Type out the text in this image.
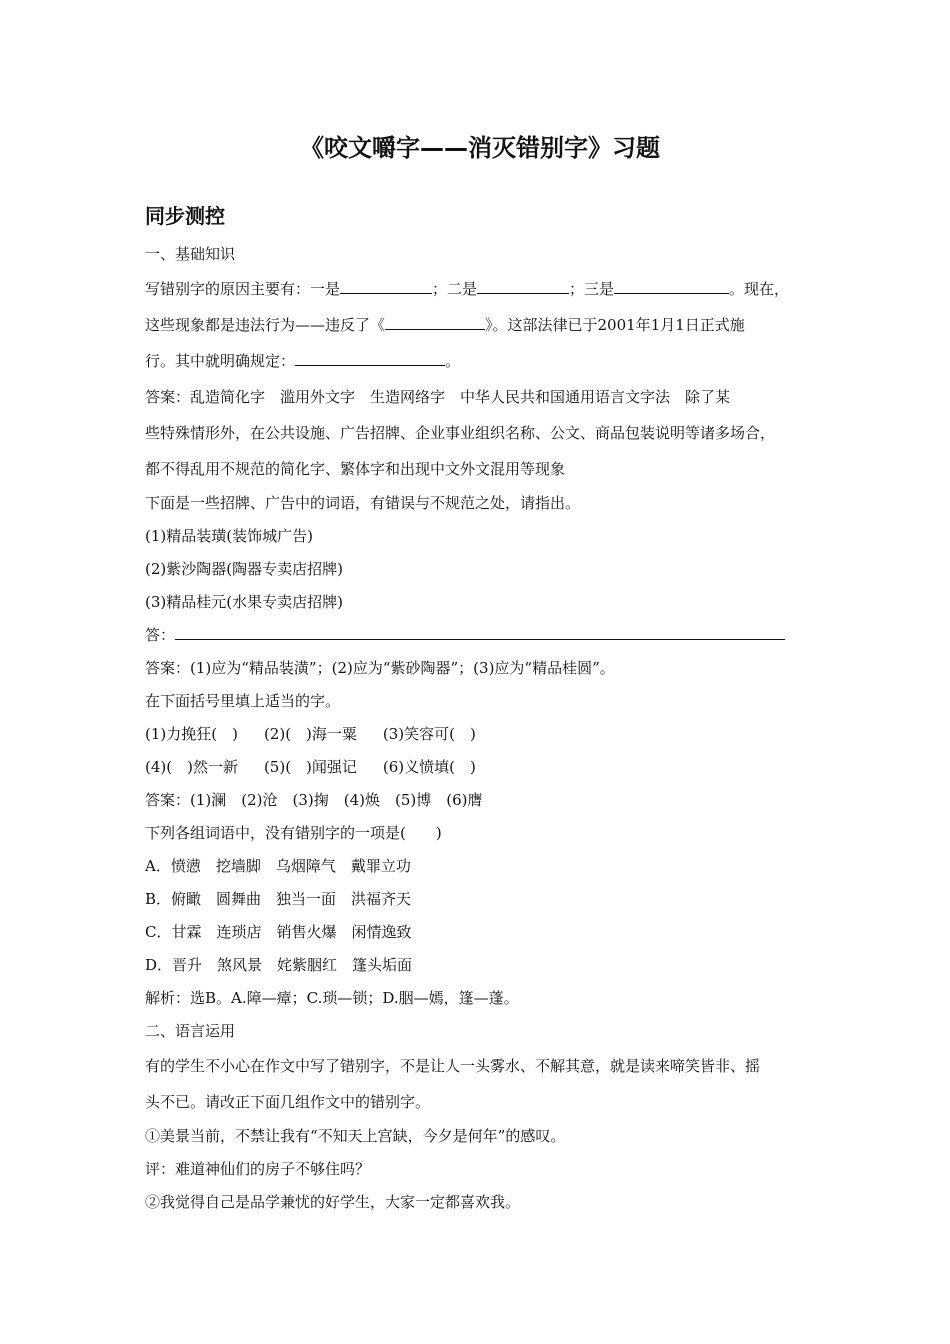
《咬文嚼字——消灭错别字》习题
同步测控
一、基础知识
写错别字的原因主要有：一是	；二是	；三是	。现在，
这些现象都是违法行为——违反了《	》。这部法律已于2001年1月1日正式施
行。其中就明确规定：	。
答案：乱造简化字　滥用外文字　生造网络字　中华人民共和国通用语言文字法　除了某
些特殊情形外，在公共设施、广告招牌、企业事业组织名称、公文、商品包装说明等诸多场合，
都不得乱用不规范的简化字、繁体字和出现中文外文混用等现象
下面是一些招牌、广告中的词语，有错误与不规范之处，请指出。
(1)精品装璜(装饰城广告)
(2)紫沙陶器(陶器专卖店招牌)
(3)精品桂元(水果专卖店招牌)
答：
答案：(1)应为“精品装潢”；(2)应为“紫砂陶器”；(3)应为“精品桂圆”。
在下面括号里填上适当的字。
(1)力挽狂(　) (2)(　)海一粟 (3)笑容可(　)
(4)(　)然一新 (5)(　)闻强记 (6)义愤填(　)
答案：(1)澜　(2)沧　(3)掬　(4)焕　(5)博　(6)膺
下列各组词语中，没有错别字的一项是(　　)
A．愤懑　挖墙脚　乌烟障气　戴罪立功
B．俯瞰　圆舞曲　独当一面　洪福齐天
C．甘霖　连琐店　销售火爆　闲情逸致
D．晋升　煞风景　姹紫胭红　篷头垢面
解析：选B。A.障—瘴；C.琐—锁；D.胭—嫣，篷—蓬。
二、语言运用
有的学生不小心在作文中写了错别字，不是让人一头雾水、不解其意，就是读来啼笑皆非、摇
头不已。请改正下面几组作文中的错别字。
①美景当前，不禁让我有“不知天上宫缺，今夕是何年”的感叹。
评：难道神仙们的房子不够住吗？
②我觉得自己是品学兼忧的好学生，大家一定都喜欢我。
